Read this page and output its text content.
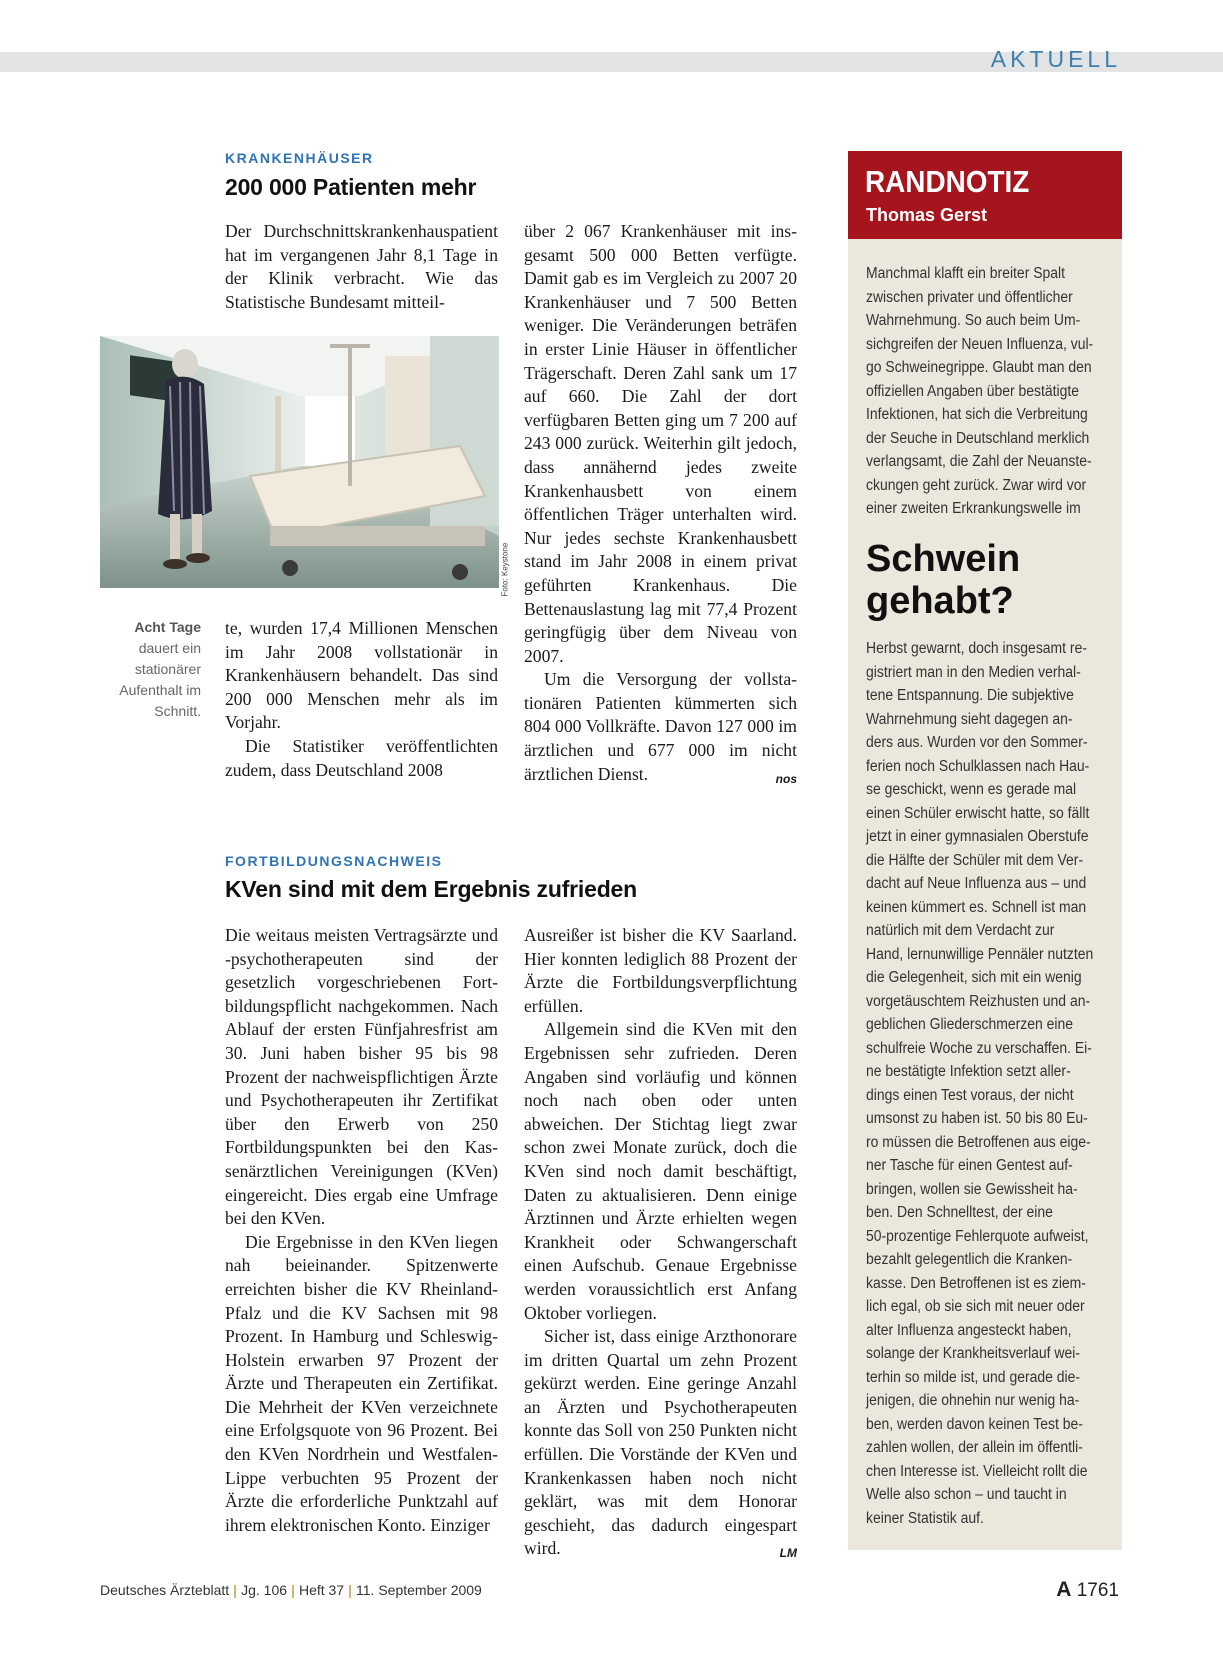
AKTUELL
KRANKENHÄUSER
200 000 Patienten mehr

Der Durchschnittskrankenhauspatient hat im vergangenen Jahr 8,1 Tage in der Klinik verbracht. Wie das Statistische Bundesamt mitteil-

Foto: Keystone
Acht Tage
dauert ein stationärer Aufenthalt im Schnitt.

te, wurden 17,4 Millionen Menschen im Jahr 2008 vollstationär in Krankenhäusern behandelt. Das sind 200 000 Menschen mehr als im Vorjahr.

Die Statistiker veröffentlichten zudem, dass Deutschland 2008

über 2 067 Krankenhäuser mit insgesamt 500 000 Betten verfügte. Damit gab es im Vergleich zu 2007 20 Krankenhäuser und 7 500 Betten weniger. Die Veränderungen beträfen in erster Linie Häuser in öffentlicher Trägerschaft. Deren Zahl sank um 17 auf 660. Die Zahl der dort verfügbaren Betten ging um 7 200 auf 243 000 zurück. Weiterhin gilt jedoch, dass annähernd jedes zweite Krankenhausbett von einem öffentlichen Träger unterhalten wird. Nur jedes sechste Krankenhausbett stand im Jahr 2008 in einem privat geführten Krankenhaus. Die Bettenauslastung lag mit 77,4 Prozent geringfügig über dem Niveau von 2007.

Um die Versorgung der vollstationären Patienten kümmerten sich 804 000 Vollkräfte. Davon 127 000 im ärztlichen und 677 000 im nicht ärztlichen Dienst.	nos

FORTBILDUNGSNACHWEIS
KVen sind mit dem Ergebnis zufrieden

Die weitaus meisten Vertragsärzte und -psychotherapeuten sind der gesetzlich vorgeschriebenen Fortbildungspflicht nachgekommen. Nach Ablauf der ersten Fünfjahresfrist am 30. Juni haben bisher 95 bis 98 Prozent der nachweispflichtigen Ärzte und Psychotherapeuten ihr Zertifikat über den Erwerb von 250 Fortbildungspunkten bei den Kassenärztlichen Vereinigungen (KVen) eingereicht. Dies ergab eine Umfrage bei den KVen.

Die Ergebnisse in den KVen liegen nah beieinander. Spitzenwerte erreichten bisher die KV Rheinland-Pfalz und die KV Sachsen mit 98 Prozent. In Hamburg und Schleswig-Holstein erwarben 97 Prozent der Ärzte und Therapeuten ein Zertifikat. Die Mehrheit der KVen verzeichnete eine Erfolgsquote von 96 Prozent. Bei den KVen Nordrhein und Westfalen-Lippe verbuchten 95 Prozent der Ärzte die erforderliche Punktzahl auf ihrem elektronischen Konto. Einziger

Ausreißer ist bisher die KV Saarland. Hier konnten lediglich 88 Prozent der Ärzte die Fortbildungsverpflichtung erfüllen.

Allgemein sind die KVen mit den Ergebnissen sehr zufrieden. Deren Angaben sind vorläufig und können noch nach oben oder unten abweichen. Der Stichtag liegt zwar schon zwei Monate zurück, doch die KVen sind noch damit beschäftigt, Daten zu aktualisieren. Denn einige Ärztinnen und Ärzte erhielten wegen Krankheit oder Schwangerschaft einen Aufschub. Genaue Ergebnisse werden voraussichtlich erst Anfang Oktober vorliegen.

Sicher ist, dass einige Arzthonorare im dritten Quartal um zehn Prozent gekürzt werden. Eine geringe Anzahl an Ärzten und Psychotherapeuten konnte das Soll von 250 Punkten nicht erfüllen. Die Vorstände der KVen und Krankenkassen haben noch nicht geklärt, was mit dem Honorar geschieht, das dadurch eingespart wird.	LM

RANDNOTIZ
Thomas Gerst
Manchmal klafft ein breiter Spalt
zwischen privater und öffentlicher
Wahrnehmung. So auch beim Um-
sichgreifen der Neuen Influenza, vul-
go Schweinegrippe. Glaubt man den
offiziellen Angaben über bestätigte
Infektionen, hat sich die Verbreitung
der Seuche in Deutschland merklich
verlangsamt, die Zahl der Neuanste-
ckungen geht zurück. Zwar wird vor
einer zweiten Erkrankungswelle im
Schwein
gehabt?
Herbst gewarnt, doch insgesamt re-
gistriert man in den Medien verhal-
tene Entspannung. Die subjektive
Wahrnehmung sieht dagegen an-
ders aus. Wurden vor den Sommer-
ferien noch Schulklassen nach Hau-
se geschickt, wenn es gerade mal
einen Schüler erwischt hatte, so fällt
jetzt in einer gymnasialen Oberstufe
die Hälfte der Schüler mit dem Ver-
dacht auf Neue Influenza aus – und
keinen kümmert es. Schnell ist man
natürlich mit dem Verdacht zur
Hand, lernunwillige Pennäler nutzten
die Gelegenheit, sich mit ein wenig
vorgetäuschtem Reizhusten und an-
geblichen Gliederschmerzen eine
schulfreie Woche zu verschaffen. Ei-
ne bestätigte Infektion setzt aller-
dings einen Test voraus, der nicht
umsonst zu haben ist. 50 bis 80 Eu-
ro müssen die Betroffenen aus eige-
ner Tasche für einen Gentest auf-
bringen, wollen sie Gewissheit ha-
ben. Den Schnelltest, der eine
50-prozentige Fehlerquote aufweist,
bezahlt gelegentlich die Kranken-
kasse. Den Betroffenen ist es ziem-
lich egal, ob sie sich mit neuer oder
alter Influenza angesteckt haben,
solange der Krankheitsverlauf wei-
terhin so milde ist, und gerade die-
jenigen, die ohnehin nur wenig ha-
ben, werden davon keinen Test be-
zahlen wollen, der allein im öffentli-
chen Interesse ist. Vielleicht rollt die
Welle also schon – und taucht in
keiner Statistik auf.
Deutsches Ärzteblatt | Jg. 106 | Heft 37 | 11. September 2009	A 1761
